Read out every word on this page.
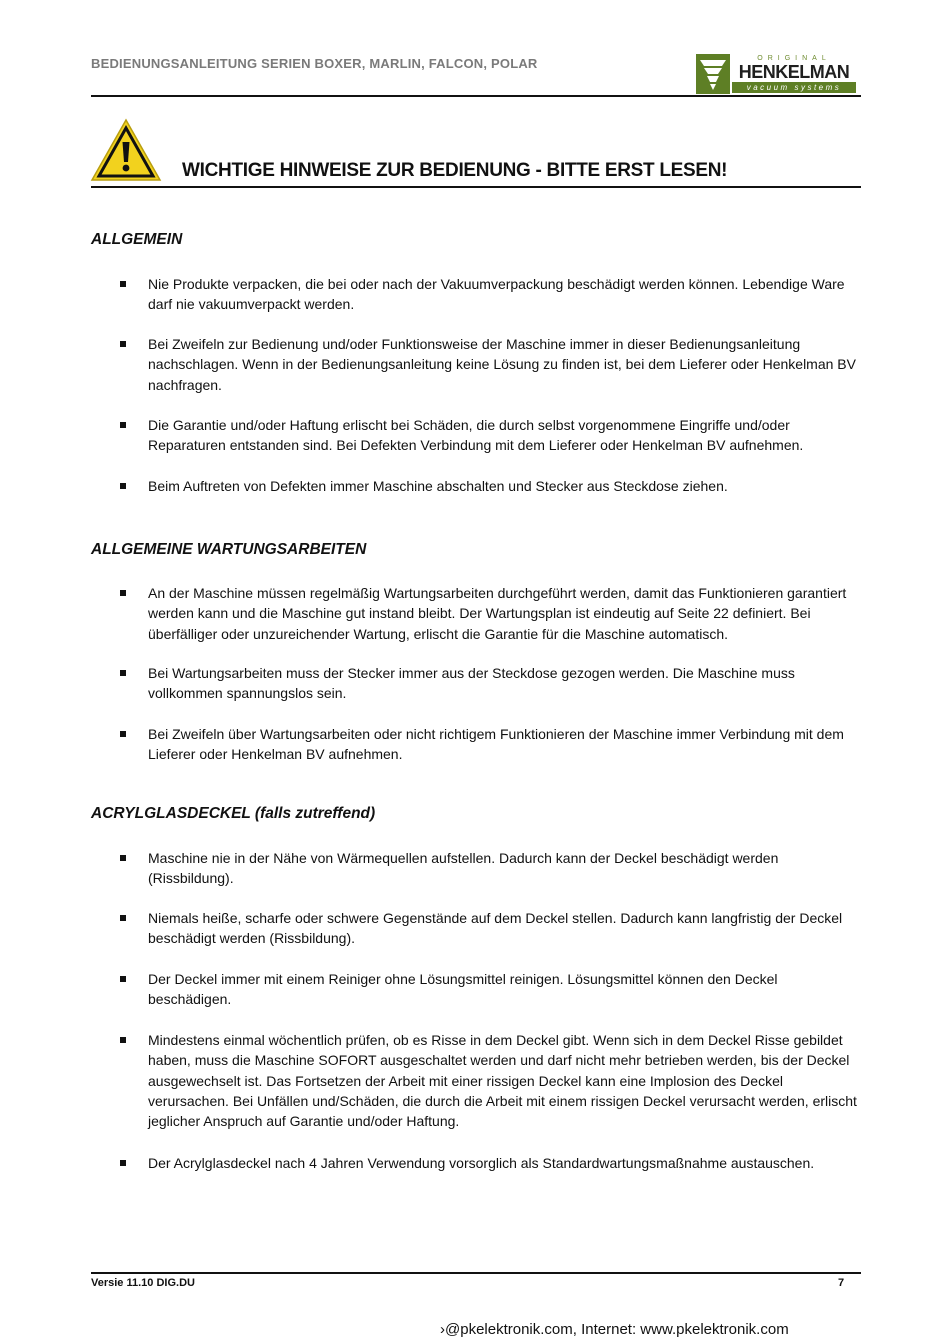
BEDIENUNGSANLEITUNG SERIEN BOXER, MARLIN, FALCON, POLAR	ORIGINAL
HENKELMAN
vacuum systems
WICHTIGE HINWEISE ZUR BEDIENUNG - BITTE ERST LESEN!
ALLGEMEIN
Nie Produkte verpacken, die bei oder nach der Vakuumverpackung beschädigt werden können. Lebendige Ware darf nie vakuumverpackt werden.
Bei Zweifeln zur Bedienung und/oder Funktionsweise der Maschine immer in dieser Bedienungsanleitung nachschlagen. Wenn in der Bedienungsanleitung keine Lösung zu finden ist, bei dem Lieferer oder Henkelman BV nachfragen.
Die Garantie und/oder Haftung erlischt bei Schäden, die durch selbst vorgenommene Eingriffe und/oder Reparaturen entstanden sind. Bei Defekten Verbindung mit dem Lieferer oder Henkelman BV aufnehmen.
Beim Auftreten von Defekten immer Maschine abschalten und Stecker aus Steckdose ziehen.
ALLGEMEINE WARTUNGSARBEITEN
An der Maschine müssen regelmäßig Wartungsarbeiten durchgeführt werden, damit das Funktionieren garantiert werden kann und die Maschine gut instand bleibt. Der Wartungsplan ist eindeutig auf Seite 22 definiert. Bei überfälliger oder unzureichender Wartung, erlischt die Garantie für die Maschine automatisch.
Bei Wartungsarbeiten muss der Stecker immer aus der Steckdose gezogen werden. Die Maschine muss vollkommen spannungslos sein.
Bei Zweifeln über Wartungsarbeiten oder nicht richtigem Funktionieren der Maschine immer Verbindung mit dem Lieferer oder Henkelman BV aufnehmen.
ACRYLGLASDECKEL (falls zutreffend)
Maschine nie in der Nähe von Wärmequellen aufstellen. Dadurch kann der Deckel beschädigt werden (Rissbildung).
Niemals heiße, scharfe oder schwere Gegenstände auf dem Deckel stellen. Dadurch kann langfristig der Deckel beschädigt werden (Rissbildung).
Der Deckel immer mit einem Reiniger ohne Lösungsmittel reinigen. Lösungsmittel können den Deckel beschädigen.
Mindestens einmal wöchentlich prüfen, ob es Risse in dem Deckel gibt. Wenn sich in dem Deckel Risse gebildet haben, muss die Maschine SOFORT ausgeschaltet werden und darf nicht mehr betrieben werden, bis der Deckel ausgewechselt ist. Das Fortsetzen der Arbeit mit einer rissigen Deckel kann eine Implosion des Deckel verursachen. Bei Unfällen und/Schäden, die durch die Arbeit mit einem rissigen Deckel verursacht werden, erlischt jeglicher Anspruch auf Garantie und/oder Haftung.
Der Acrylglasdeckel nach 4 Jahren Verwendung vorsorglich als Standardwartungsmaßnahme austauschen.
Versie 11.10 DIG.DU	7
›@pkelektronik.com, Internet: www.pkelektronik.com
